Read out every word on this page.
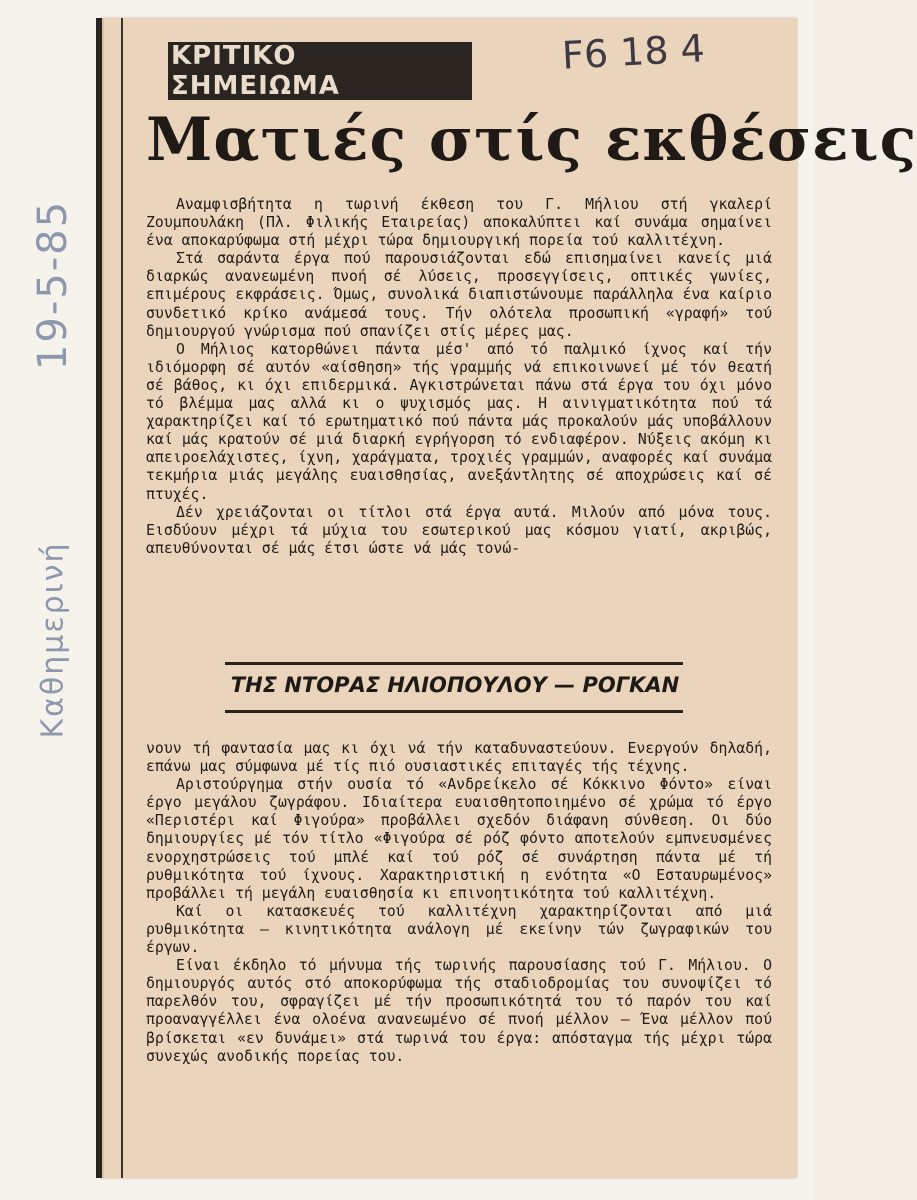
19-5-85
Καθημερινή
ΚΡΙΤΙΚΟ ΣΗΜΕΙΩΜΑ
F6 18 4
Ματιές στίς εκθέσεις

Αναμφισβήτητα η τωρινή έκθεση του Γ. Μήλιου στή γκαλερί Ζουμπουλάκη (Πλ. Φιλικής Εταιρείας) αποκαλύπτει καί συνάμα σημαίνει ένα αποκαρύφωμα στή μέχρι τώρα δημιουργική πορεία τού καλλιτέχνη.

Στά σαράντα έργα πού παρουσιάζονται εδώ επισημαίνει κανείς μιά διαρκώς ανανεωμένη πνοή σέ λύσεις, προσεγγίσεις, οπτικές γωνίες, επιμέρους εκφράσεις. Όμως, συνολικά διαπιστώνουμε παράλληλα ένα καίριο συνδετικό κρίκο ανάμεσά τους. Τήν ολότελα προσωπική «γραφή» τού δημιουργού γνώρισμα πού σπανίζει στίς μέρες μας.

Ο Μήλιος κατορθώνει πάντα μέσ' από τό παλμικό ίχνος καί τήν ιδιόμορφη σέ αυτόν «αίσθηση» τής γραμμής νά επικοινωνεί μέ τόν θεατή σέ βάθος, κι όχι επιδερμικά. Αγκιστρώνεται πάνω στά έργα του όχι μόνο τό βλέμμα μας αλλά κι ο ψυχισμός μας. Η αινιγματικότητα πού τά χαρακτηρίζει καί τό ερωτηματικό πού πάντα μάς προκαλούν μάς υποβάλλουν καί μάς κρατούν σέ μιά διαρκή εγρήγορση τό ενδιαφέρον. Νύξεις ακόμη κι απειροελάχιστες, ίχνη, χαράγματα, τροχιές γραμμών, αναφορές καί συνάμα τεκμήρια μιάς μεγάλης ευαισθησίας, ανεξάντλητης σέ αποχρώσεις καί σέ πτυχές.

Δέν χρειάζονται οι τίτλοι στά έργα αυτά. Μιλούν από μόνα τους. Εισδύουν μέχρι τά μύχια του εσωτερικού μας κόσμου γιατί, ακριβώς, απευθύνονται σέ μάς έτσι ώστε νά μάς τονώ-

ΤΗΣ ΝΤΟΡΑΣ ΗΛΙΟΠΟΥΛΟΥ — ΡΟΓΚΑΝ

νουν τή φαντασία μας κι όχι νά τήν καταδυναστεύουν. Ενεργούν δηλαδή, επάνω μας σύμφωνα μέ τίς πιό ουσιαστικές επιταγές τής τέχνης.

Αριστούργημα στήν ουσία τό «Ανδρείκελο σέ Κόκκινο Φόντο» είναι έργο μεγάλου ζωγράφου. Ιδιαίτερα ευαισθητοποιημένο σέ χρώμα τό έργο «Περιστέρι καί Φιγούρα» προβάλλει σχεδόν διάφανη σύνθεση. Οι δύο δημιουργίες μέ τόν τίτλο «Φιγούρα σέ ρόζ φόντο αποτελούν εμπνευσμένες ενορχηστρώσεις τού μπλέ καί τού ρόζ σέ συνάρτηση πάντα μέ τή ρυθμικότητα τού ίχνους. Χαρακτηριστική η ενότητα «Ο Εσταυρωμένος» προβάλλει τή μεγάλη ευαισθησία κι επινοητικότητα τού καλλιτέχνη.

Καί οι κατασκευές τού καλλιτέχνη χαρακτηρίζονται από μιά ρυθμικότητα — κινητικότητα ανάλογη μέ εκείνην τών ζωγραφικών του έργων.

Είναι έκδηλο τό μήνυμα τής τωρινής παρουσίασης τού Γ. Μήλιου. Ο δημιουργός αυτός στό αποκορύφωμα τής σταδιοδρομίας του συνοψίζει τό παρελθόν του, σφραγίζει μέ τήν προσωπικότητά του τό παρόν του καί προαναγγέλλει ένα ολοένα ανανεωμένο σέ πνοή μέλλον — Ένα μέλλον πού βρίσκεται «εν δυνάμει» στά τωρινά του έργα: απόσταγμα τής μέχρι τώρα συνεχώς ανοδικής πορείας του.
